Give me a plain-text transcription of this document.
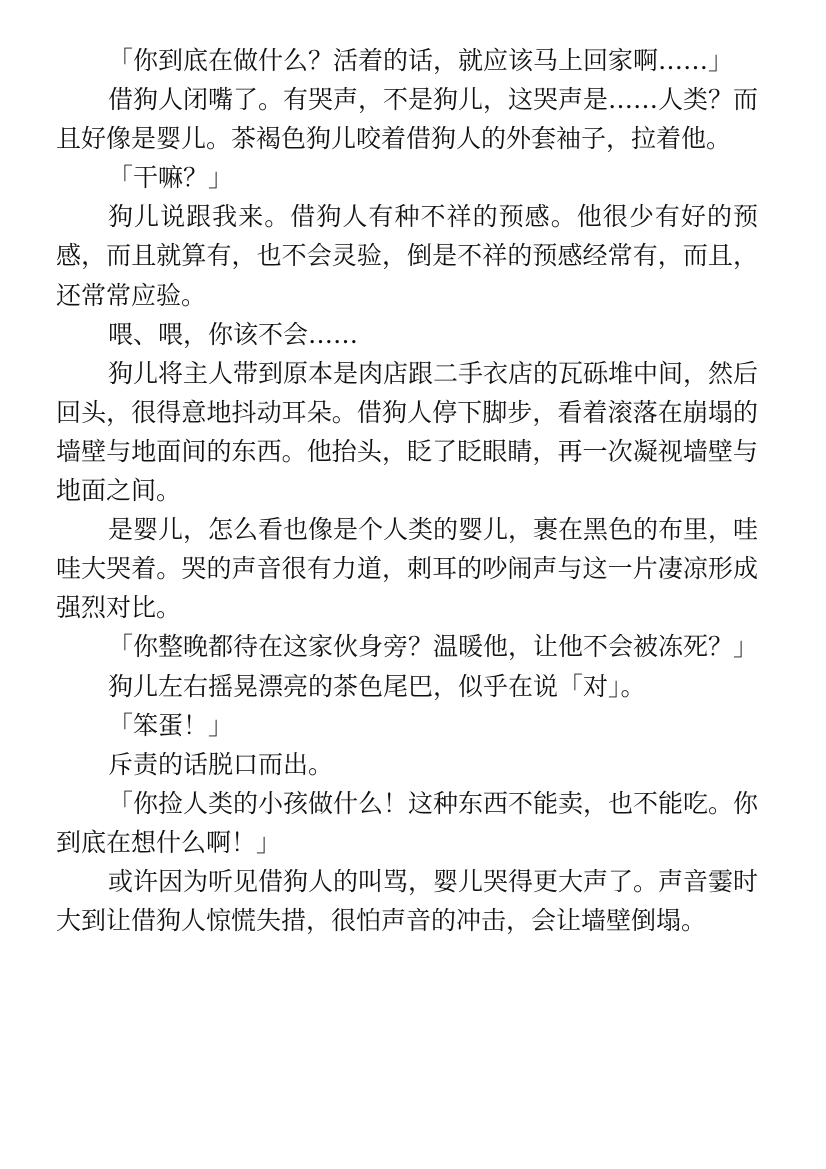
「你到底在做什么？活着的话，就应该马上回家啊……」

借狗人闭嘴了。有哭声，不是狗儿，这哭声是……人类？而且好像是婴儿。茶褐色狗儿咬着借狗人的外套袖子，拉着他。

「干嘛？」

狗儿说跟我来。借狗人有种不祥的预感。他很少有好的预感，而且就算有，也不会灵验，倒是不祥的预感经常有，而且，还常常应验。

喂、喂，你该不会……

狗儿将主人带到原本是肉店跟二手衣店的瓦砾堆中间，然后回头，很得意地抖动耳朵。借狗人停下脚步，看着滚落在崩塌的墙壁与地面间的东西。他抬头，眨了眨眼睛，再一次凝视墙壁与地面之间。

是婴儿，怎么看也像是个人类的婴儿，裹在黑色的布里，哇哇大哭着。哭的声音很有力道，刺耳的吵闹声与这一片凄凉形成强烈对比。

「你整晚都待在这家伙身旁？温暖他，让他不会被冻死？」

狗儿左右摇晃漂亮的茶色尾巴，似乎在说「对」。

「笨蛋！」

斥责的话脱口而出。

「你捡人类的小孩做什么！这种东西不能卖，也不能吃。你到底在想什么啊！」

或许因为听见借狗人的叫骂，婴儿哭得更大声了。声音霎时大到让借狗人惊慌失措，很怕声音的冲击，会让墙壁倒塌。
